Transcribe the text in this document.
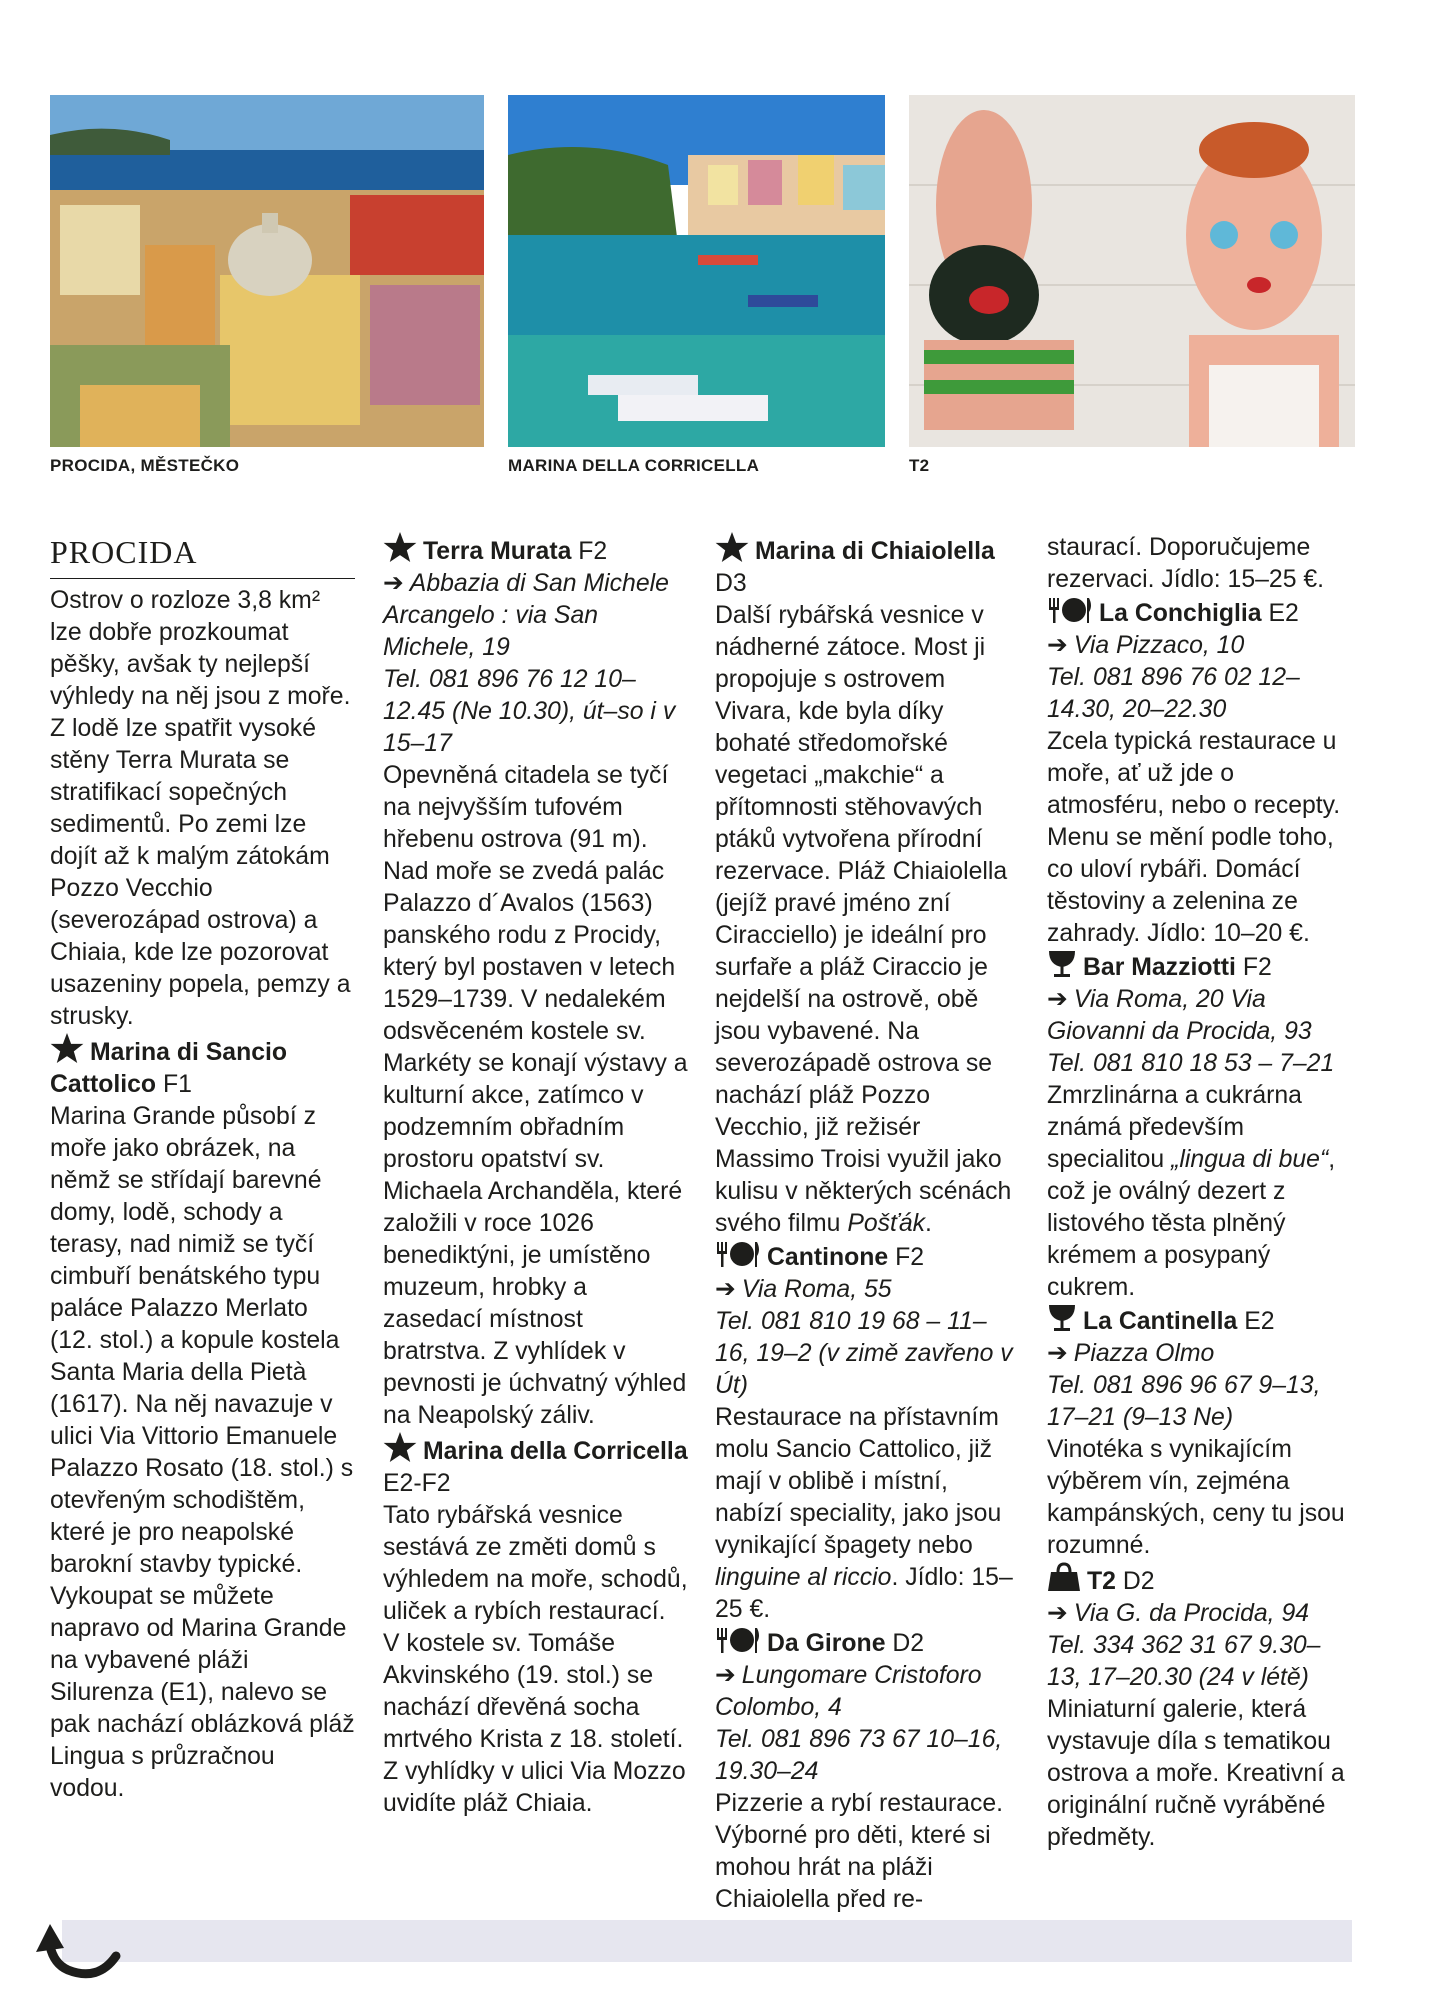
PROCIDA, MĚSTEČKO	MARINA DELLA CORRICELLA	T2
PROCIDA

Ostrov o rozloze 3,8 km² lze dobře prozkoumat pěšky, avšak ty nejlepší výhledy na něj jsou z moře. Z lodě lze spatřit vysoké stěny Terra Murata se stratifikací sopečných sedimentů. Po zemi lze dojít až k malým zátokám Pozzo Vecchio (severozápad ostrova) a Chiaia, kde lze pozorovat usazeniny popela, pemzy a strusky.

Marina di Sancio Cattolico F1

Marina Grande působí z moře jako obrázek, na němž se střídají barevné domy, lodě, schody a terasy, nad nimiž se tyčí cimbuří benátského typu paláce Palazzo Merlato (12. stol.) a kopule kostela Santa Maria della Pietà (1617). Na něj navazuje v ulici Via Vittorio Emanuele Palazzo Rosato (18. stol.) s otevřeným schodištěm, které je pro neapolské barokní stavby typické. Vykoupat se můžete napravo od Marina Grande na vybavené pláži Silurenza (E1), nalevo se pak nachází oblázková pláž Lingua s průzračnou vodou.

Terra Murata F2

➔ Abbazia di San Michele Arcangelo : via San Michele, 19

Tel. 081 896 76 12 10–12.45 (Ne 10.30), út–so i v 15–17

Opevněná citadela se tyčí na nejvyšším tufovém hřebenu ostrova (91 m). Nad moře se zvedá palác Palazzo d´Avalos (1563) panského rodu z Procidy, který byl postaven v letech 1529–1739. V nedalekém odsvěceném kostele sv. Markéty se konají výstavy a kulturní akce, zatímco v podzemním obřadním prostoru opatství sv. Michaela Archanděla, které založili v roce 1026 benediktýni, je umístěno muzeum, hrobky a zasedací místnost bratrstva. Z vyhlídek v pevnosti je úchvatný výhled na Neapolský záliv.

Marina della Corricella E2-F2

Tato rybářská vesnice sestává ze změti domů s výhledem na moře, schodů, uliček a rybích restaurací. V kostele sv. Tomáše Akvinského (19. stol.) se nachází dřevěná socha mrtvého Krista z 18. století. Z vyhlídky v ulici Via Mozzo uvidíte pláž Chiaia.

Marina di Chiaiolella D3

Další rybářská vesnice v nádherné zátoce. Most ji propojuje s ostrovem Vivara, kde byla díky bohaté středomořské vegetaci „makchie“ a přítomnosti stěhovavých ptáků vytvořena přírodní rezervace. Pláž Chiaiolella (jejíž pravé jméno zní Ciracciello) je ideální pro surfaře a pláž Ciraccio je nejdelší na ostrově, obě jsou vybavené. Na severozápadě ostrova se nachází pláž Pozzo Vecchio, již režisér Massimo Troisi využil jako kulisu v některých scénách svého filmu Pošťák.

Cantinone F2

➔ Via Roma, 55

Tel. 081 810 19 68 – 11–16, 19–2 (v zimě zavřeno v Út)

Restaurace na přístavním molu Sancio Cattolico, již mají v oblibě i místní, nabízí speciality, jako jsou vynikající špagety nebo linguine al riccio. Jídlo: 15–25 €.

Da Girone D2

➔ Lungomare Cristoforo Colombo, 4

Tel. 081 896 73 67 10–16, 19.30–24

Pizzerie a rybí restaurace. Výborné pro děti, které si mohou hrát na pláži Chiaiolella před re-

staurací. Doporučujeme rezervaci. Jídlo: 15–25 €.

La Conchiglia E2

➔ Via Pizzaco, 10

Tel. 081 896 76 02 12–14.30, 20–22.30

Zcela typická restaurace u moře, ať už jde o atmosféru, nebo o recepty. Menu se mění podle toho, co uloví rybáři. Domácí těstoviny a zelenina ze zahrady. Jídlo: 10–20 €.

Bar Mazziotti F2

➔ Via Roma, 20 Via Giovanni da Procida, 93

Tel. 081 810 18 53 – 7–21

Zmrzlinárna a cukrárna známá především specialitou „lingua di bue“, což je oválný dezert z listového těsta plněný krémem a posypaný cukrem.

La Cantinella E2

➔ Piazza Olmo

Tel. 081 896 96 67 9–13, 17–21 (9–13 Ne)

Vinotéka s vynikajícím výběrem vín, zejména kampánských, ceny tu jsou rozumné.

T2 D2

➔ Via G. da Procida, 94

Tel. 334 362 31 67 9.30–13, 17–20.30 (24 v létě)

Miniaturní galerie, která vystavuje díla s tematikou ostrova a moře. Kreativní a originální ručně vyráběné předměty.
